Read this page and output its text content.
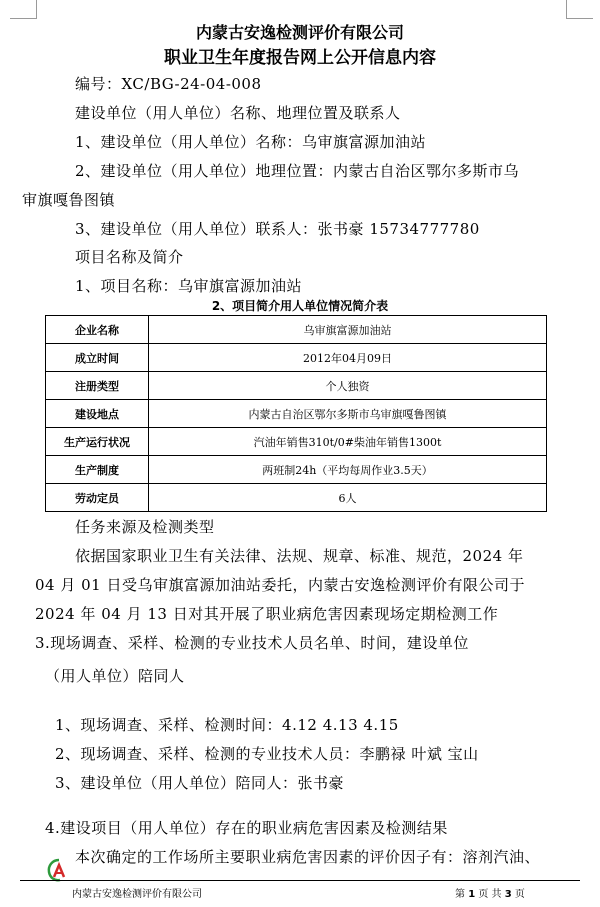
内蒙古安逸检测评价有限公司
职业卫生年度报告网上公开信息内容
编号：XC/BG-24-04-008
建设单位（用人单位）名称、地理位置及联系人
1、建设单位（用人单位）名称：乌审旗富源加油站
2、建设单位（用人单位）地理位置：内蒙古自治区鄂尔多斯市乌
审旗嘎鲁图镇
3、建设单位（用人单位）联系人：张书豪 15734777780
项目名称及简介
1、项目名称：乌审旗富源加油站
2、项目简介用人单位情况简介表
企业名称	乌审旗富源加油站
成立时间	2012年04月09日
注册类型	个人独资
建设地点	内蒙古自治区鄂尔多斯市乌审旗嘎鲁图镇
生产运行状况	汽油年销售310t/0#柴油年销售1300t
生产制度	两班制24h（平均每周作业3.5天）
劳动定员	6人
任务来源及检测类型
依据国家职业卫生有关法律、法规、规章、标准、规范，2024 年
04 月 01 日受乌审旗富源加油站委托，内蒙古安逸检测评价有限公司于
2024 年 04 月 13 日对其开展了职业病危害因素现场定期检测工作
3.现场调查、采样、检测的专业技术人员名单、时间，建设单位
（用人单位）陪同人
1、现场调查、采样、检测时间：4.12 4.13 4.15
2、现场调查、采样、检测的专业技术人员：李鹏禄 叶斌 宝山
3、建设单位（用人单位）陪同人：张书豪
4.建设项目（用人单位）存在的职业病危害因素及检测结果
本次确定的工作场所主要职业病危害因素的评价因子有：溶剂汽油、
内蒙古安逸检测评价有限公司	第 1 页 共 3 页
